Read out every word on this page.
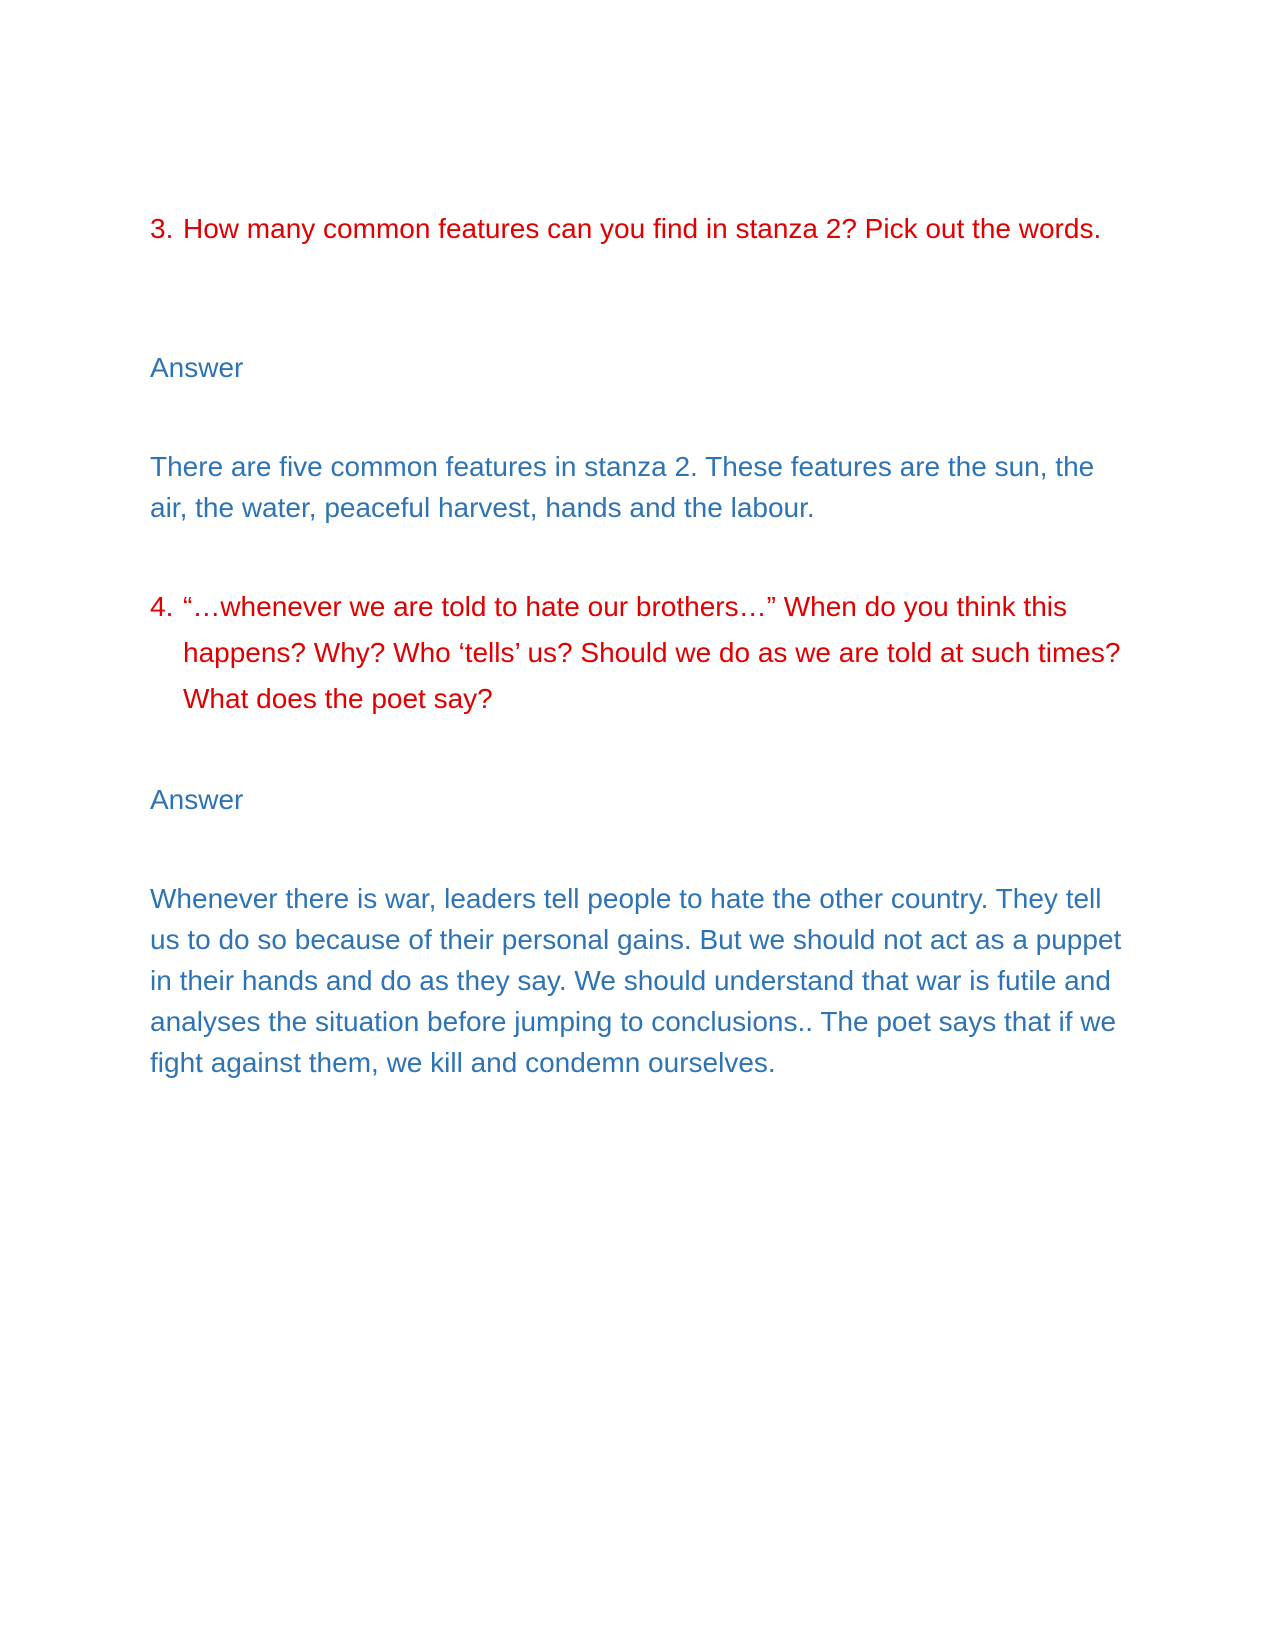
3. How many common features can you find in stanza 2? Pick out the words.
Answer
There are five common features in stanza 2. These features are the sun, the air, the water, peaceful harvest, hands and the labour.
4. “…whenever we are told to hate our brothers…” When do you think this happens? Why? Who ‘tells’ us? Should we do as we are told at such times? What does the poet say?
Answer
Whenever there is war, leaders tell people to hate the other country. They tell us to do so because of their personal gains. But we should not act as a puppet in their hands and do as they say. We should understand that war is futile and analyses the situation before jumping to conclusions.. The poet says that if we fight against them, we kill and condemn ourselves.
